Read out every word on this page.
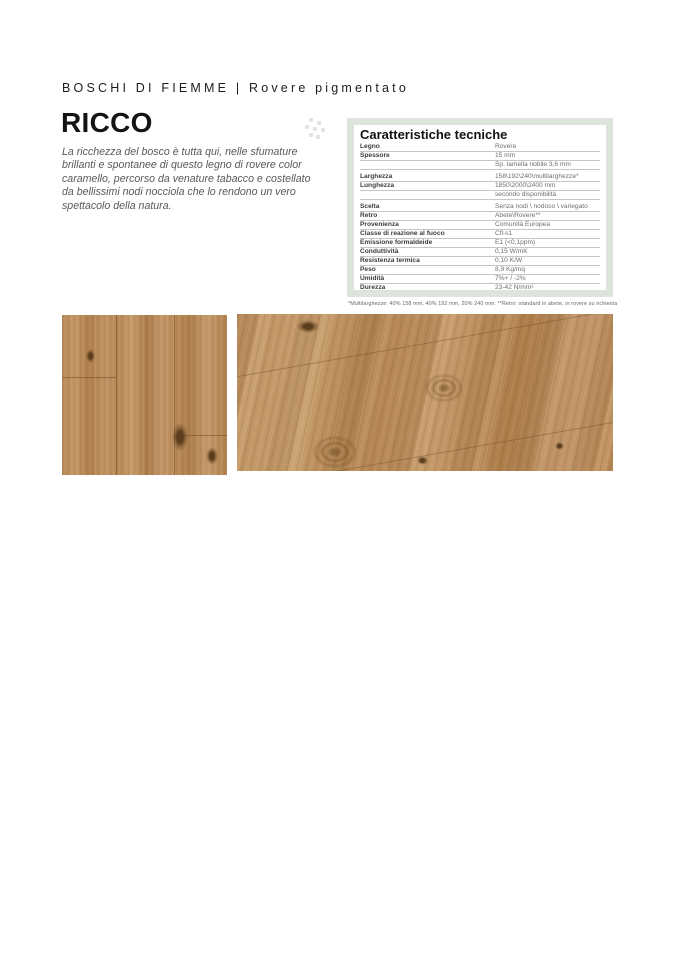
BOSCHI DI FIEMME | Rovere pigmentato
RICCO

La ricchezza del bosco è tutta qui, nelle sfumature brillanti e spontanee di questo legno di rovere color caramello, percorso da venature tabacco e costellato da bellissimi nodi nocciola che lo rendono un vero spettacolo della natura.

Caratteristiche tecniche
Legno	Rovere
Spessore	15 mm
Sp. lamella nobile 3,6 mm
Larghezza	158\192\240\multilarghezze*
Lunghezza	1850\2000\2400 mm
secondo disponibilità
Scelta	Senza nodi \ nodoso \ variegato
Retro	Abete\Rovere**
Provenienza	Comunità Europea
Classe di reazione al fuoco	Cfl-s1
Emissione formaldeide	E1 (<0,1ppm)
Conduttività	0,15 W/mK
Resistenza termica	0,10 K/W
Peso	8,9 Kg/mq
Umidità	7%+ / -2%
Durezza	23-42 N/mm²
*Multilarghezze: 40% 158 mm, 40% 192 mm, 20% 240 mm. **Retro: standard in abete, in rovere su richiesta
